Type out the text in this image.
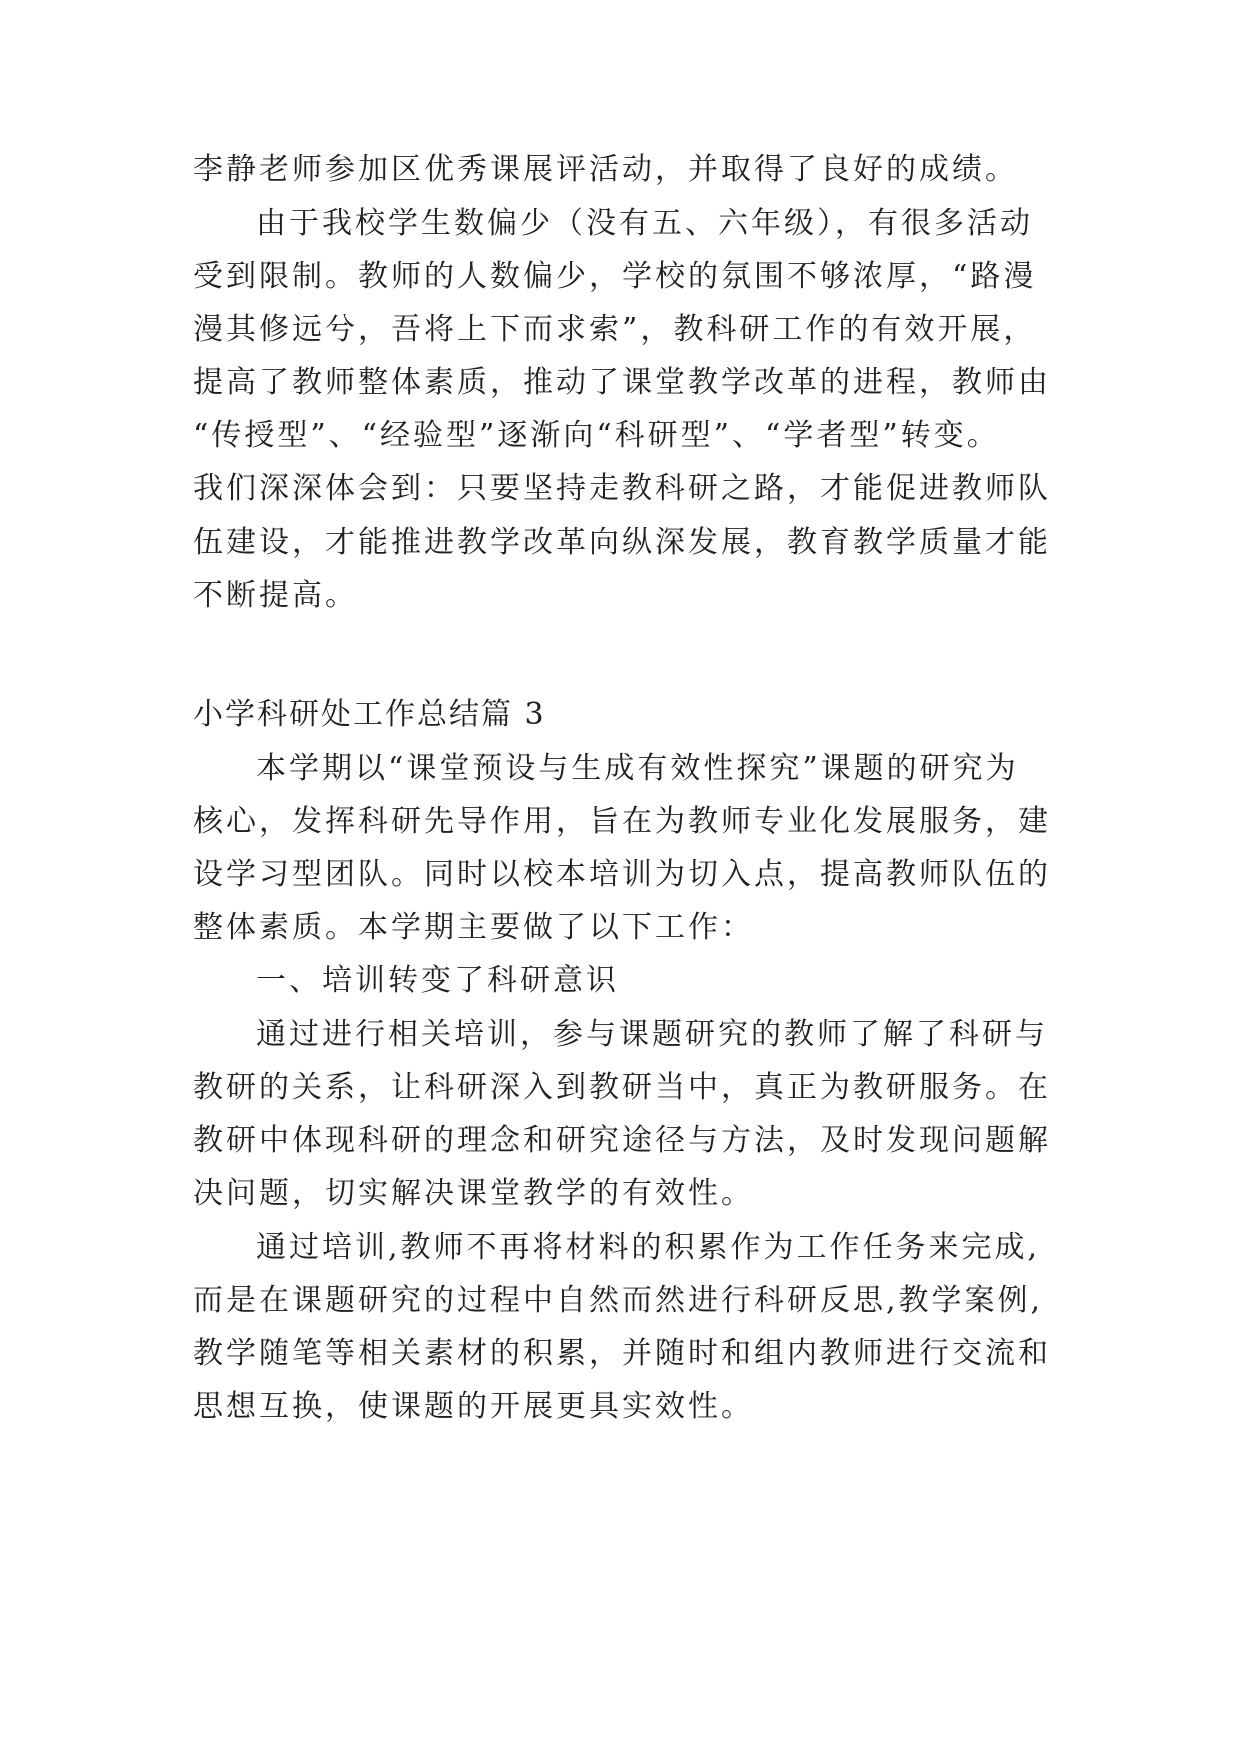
李静老师参加区优秀课展评活动，并取得了良好的成绩。
由于我校学生数偏少（没有五、六年级），有很多活动
受到限制。教师的人数偏少，学校的氛围不够浓厚，“路漫
漫其修远兮，吾将上下而求索”，教科研工作的有效开展，
提高了教师整体素质，推动了课堂教学改革的进程，教师由
“传授型”、“经验型”逐渐向“科研型”、“学者型”转变。
我们深深体会到：只要坚持走教科研之路，才能促进教师队
伍建设，才能推进教学改革向纵深发展，教育教学质量才能
不断提高。
小学科研处工作总结篇 3
本学期以“课堂预设与生成有效性探究”课题的研究为
核心，发挥科研先导作用，旨在为教师专业化发展服务，建
设学习型团队。同时以校本培训为切入点，提高教师队伍的
整体素质。本学期主要做了以下工作：
一、培训转变了科研意识
通过进行相关培训，参与课题研究的教师了解了科研与
教研的关系，让科研深入到教研当中，真正为教研服务。在
教研中体现科研的理念和研究途径与方法，及时发现问题解
决问题，切实解决课堂教学的有效性。
通过培训,教师不再将材料的积累作为工作任务来完成,
而是在课题研究的过程中自然而然进行科研反思,教学案例,
教学随笔等相关素材的积累，并随时和组内教师进行交流和
思想互换，使课题的开展更具实效性。
